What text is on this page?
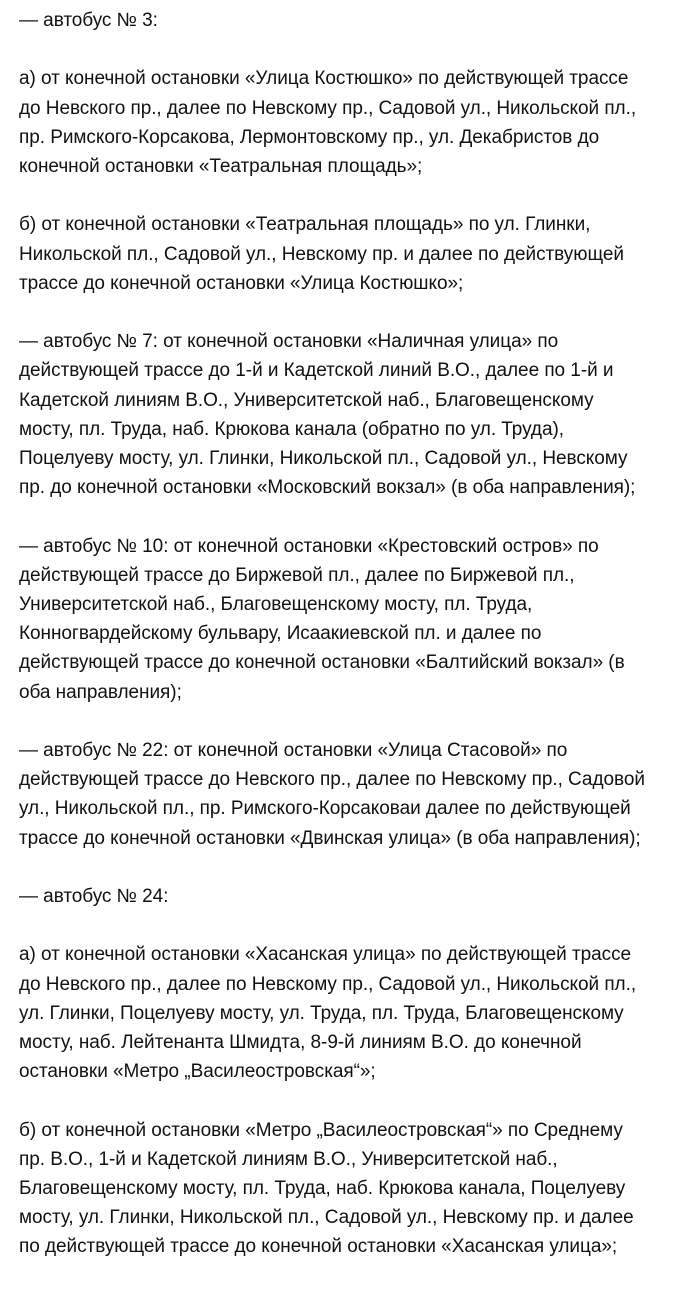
— автобус № 3:

а) от конечной остановки «Улица Костюшко» по действующей трассе
до Невского пр., далее по Невскому пр., Садовой ул., Никольской пл.,
пр. Римского-Корсакова, Лермонтовскому пр., ул. Декабристов до
конечной остановки «Театральная площадь»;

б) от конечной остановки «Театральная площадь» по ул. Глинки,
Никольской пл., Садовой ул., Невскому пр. и далее по действующей
трассе до конечной остановки «Улица Костюшко»;

— автобус № 7: от конечной остановки «Наличная улица» по
действующей трассе до 1-й и Кадетской линий В.О., далее по 1-й и
Кадетской линиям В.О., Университетской наб., Благовещенскому
мосту, пл. Труда, наб. Крюкова канала (обратно по ул. Труда),
Поцелуеву мосту, ул. Глинки, Никольской пл., Садовой ул., Невскому
пр. до конечной остановки «Московский вокзал» (в оба направления);

— автобус № 10: от конечной остановки «Крестовский остров» по
действующей трассе до Биржевой пл., далее по Биржевой пл.,
Университетской наб., Благовещенскому мосту, пл. Труда,
Конногвардейскому бульвару, Исаакиевской пл. и далее по
действующей трассе до конечной остановки «Балтийский вокзал» (в
оба направления);

— автобус № 22: от конечной остановки «Улица Стасовой» по
действующей трассе до Невского пр., далее по Невскому пр., Садовой
ул., Никольской пл., пр. Римского-Корсаковаи далее по действующей
трассе до конечной остановки «Двинская улица» (в оба направления);

— автобус № 24:

а) от конечной остановки «Хасанская улица» по действующей трассе
до Невского пр., далее по Невскому пр., Садовой ул., Никольской пл.,
ул. Глинки, Поцелуеву мосту, ул. Труда, пл. Труда, Благовещенскому
мосту, наб. Лейтенанта Шмидта, 8-9-й линиям В.О. до конечной
остановки «Метро „Василеостровская“»;

б) от конечной остановки «Метро „Василеостровская“» по Среднему
пр. В.О., 1-й и Кадетской линиям В.О., Университетской наб.,
Благовещенскому мосту, пл. Труда, наб. Крюкова канала, Поцелуеву
мосту, ул. Глинки, Никольской пл., Садовой ул., Невскому пр. и далее
по действующей трассе до конечной остановки «Хасанская улица»;
